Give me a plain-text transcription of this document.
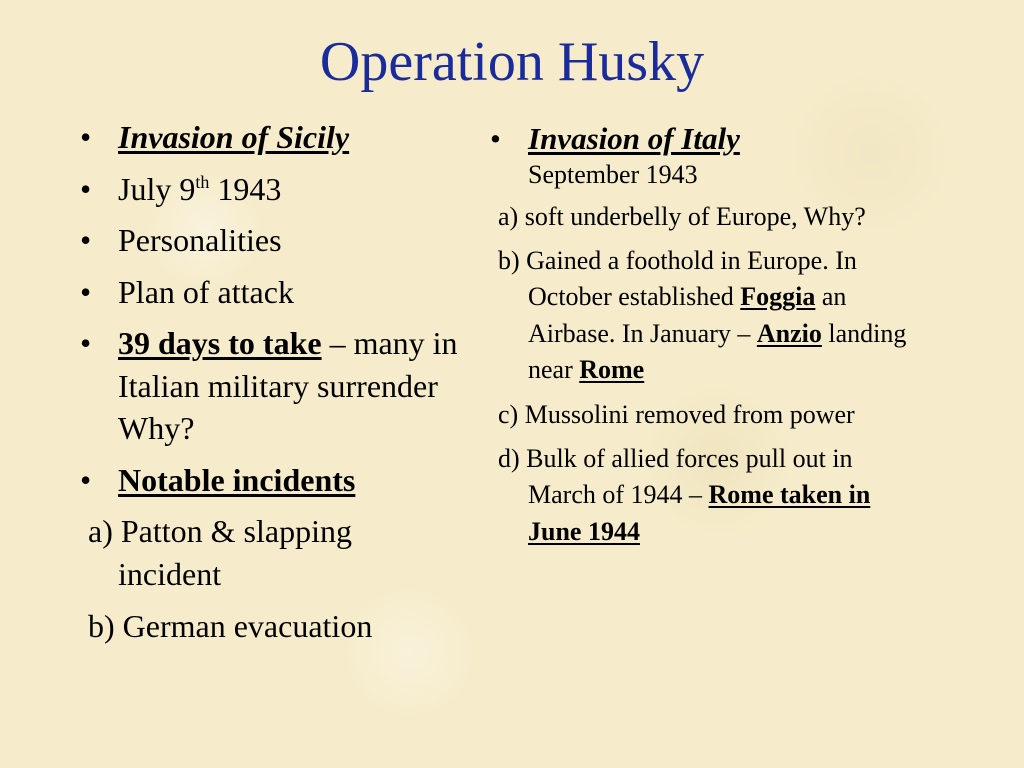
Operation Husky
• Invasion of Sicily
• July 9th 1943
• Personalities
• Plan of attack
• 39 days to take – many in Italian military surrender Why?
• Notable incidents
a) Patton & slapping incident
b) German evacuation
• Invasion of Italy
September 1943
a) soft underbelly of Europe, Why?
b) Gained a foothold in Europe. In October established Foggia an Airbase. In January – Anzio landing near Rome
c) Mussolini removed from power
d) Bulk of allied forces pull out in March of 1944 – Rome taken in June 1944
